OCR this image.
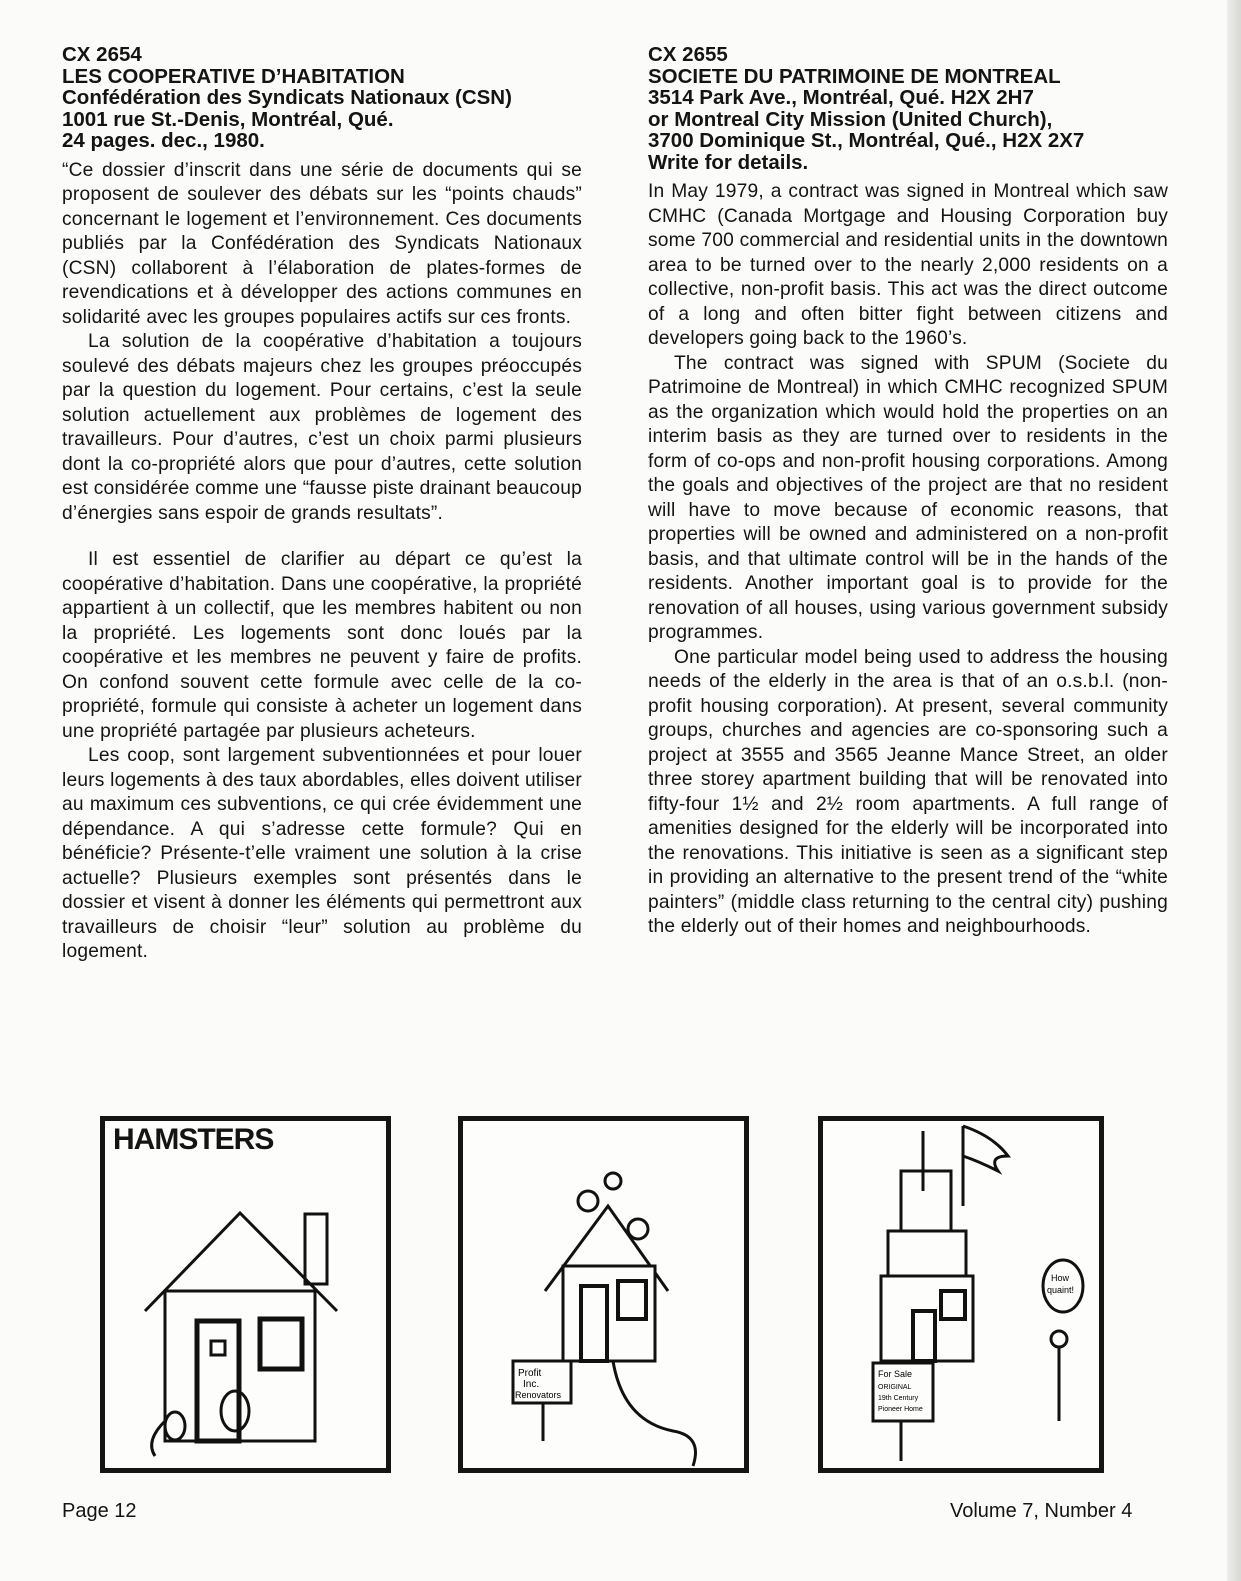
CX 2654
LES COOPERATIVE D’HABITATION
Confédération des Syndicats Nationaux (CSN)
1001 rue St.-Denis, Montréal, Qué.
24 pages. dec., 1980.

“Ce dossier d’inscrit dans une série de documents qui se proposent de soulever des débats sur les “points chauds” concernant le logement et l’environnement. Ces documents publiés par la Confédération des Syndicats Nationaux (CSN) collaborent à l’élaboration de plates-formes de revendications et à développer des actions communes en solidarité avec les groupes populaires actifs sur ces fronts.

La solution de la coopérative d’habitation a toujours soulevé des débats majeurs chez les groupes préoccupés par la question du logement. Pour certains, c’est la seule solution actuellement aux problèmes de logement des travailleurs. Pour d’autres, c’est un choix parmi plusieurs dont la co-propriété alors que pour d’autres, cette solution est considérée comme une “fausse piste drainant beaucoup d’énergies sans espoir de grands resultats”.

Il est essentiel de clarifier au départ ce qu’est la coopérative d’habitation. Dans une coopérative, la propriété appartient à un collectif, que les membres habitent ou non la propriété. Les logements sont donc loués par la coopérative et les membres ne peuvent y faire de profits. On confond souvent cette formule avec celle de la co-propriété, formule qui consiste à acheter un logement dans une propriété partagée par plusieurs acheteurs.

Les coop, sont largement subventionnées et pour louer leurs logements à des taux abordables, elles doivent utiliser au maximum ces subventions, ce qui crée évidemment une dépendance. A qui s’adresse cette formule? Qui en bénéficie? Présente-t’elle vraiment une solution à la crise actuelle? Plusieurs exemples sont présentés dans le dossier et visent à donner les éléments qui permettront aux travailleurs de choisir “leur” solution au problème du logement.

CX 2655
SOCIETE DU PATRIMOINE DE MONTREAL
3514 Park Ave., Montréal, Qué. H2X 2H7
or Montreal City Mission (United Church),
3700 Dominique St., Montréal, Qué., H2X 2X7
Write for details.

In May 1979, a contract was signed in Montreal which saw CMHC (Canada Mortgage and Housing Corporation buy some 700 commercial and residential units in the downtown area to be turned over to the nearly 2,000 residents on a collective, non-profit basis. This act was the direct outcome of a long and often bitter fight between citizens and developers going back to the 1960’s.

The contract was signed with SPUM (Societe du Patrimoine de Montreal) in which CMHC recognized SPUM as the organization which would hold the properties on an interim basis as they are turned over to residents in the form of co-ops and non-profit housing corporations. Among the goals and objectives of the project are that no resident will have to move because of economic reasons, that properties will be owned and administered on a non-profit basis, and that ultimate control will be in the hands of the residents. Another important goal is to provide for the renovation of all houses, using various government subsidy programmes.

One particular model being used to address the housing needs of the elderly in the area is that of an o.s.b.l. (non-profit housing corporation). At present, several community groups, churches and agencies are co-sponsoring such a project at 3555 and 3565 Jeanne Mance Street, an older three storey apartment building that will be renovated into fifty-four 1½ and 2½ room apartments. A full range of amenities designed for the elderly will be incorporated into the renovations. This initiative is seen as a significant step in providing an alternative to the present trend of the “white painters” (middle class returning to the central city) pushing the elderly out of their homes and neighbourhoods.

HAMSTERS
Profit
Inc.
Renovators
For Sale
ORIGINAL
19th Century
Pioneer Home
How
quaint!
Page 12	Volume 7, Number 4
